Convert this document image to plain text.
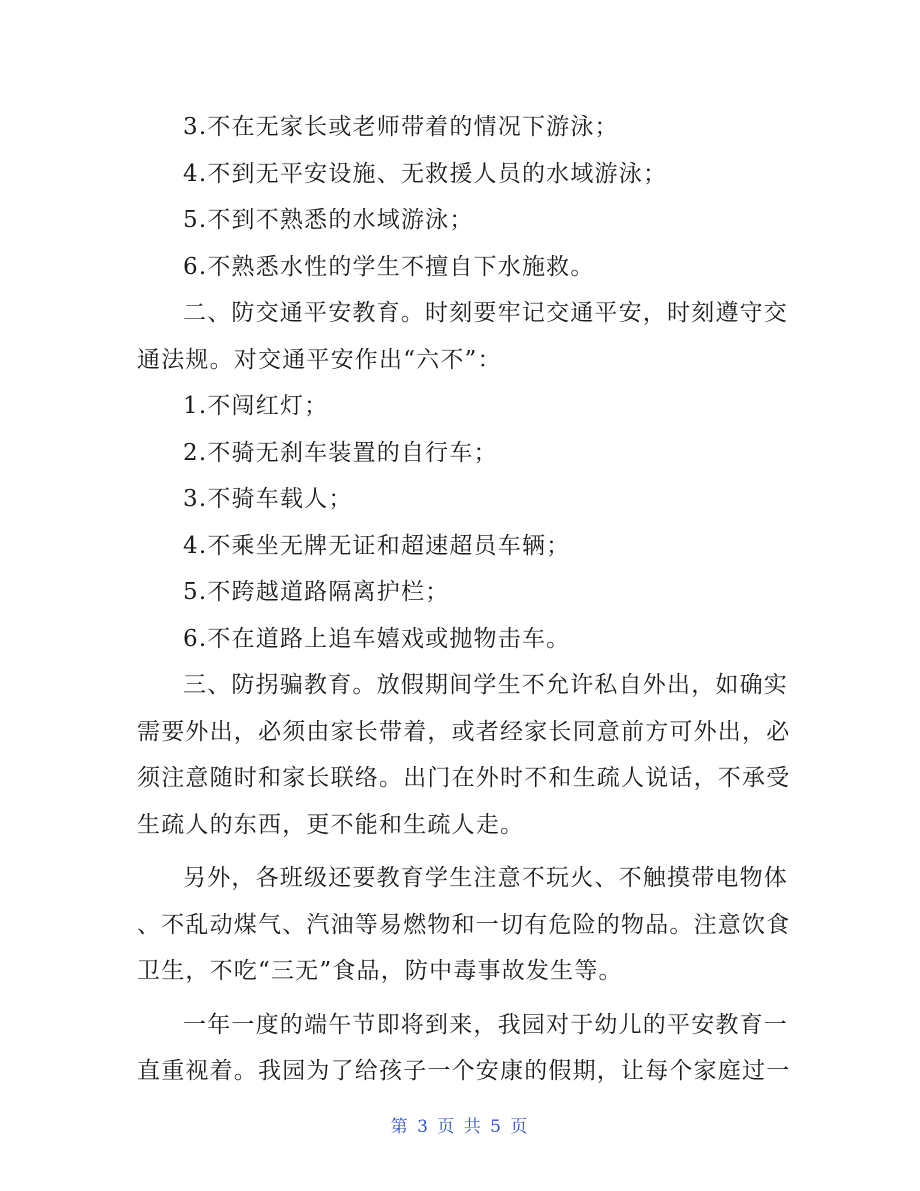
3.不在无家长或老师带着的情况下游泳；
4.不到无平安设施、无救援人员的水域游泳；
5.不到不熟悉的水域游泳；
6.不熟悉水性的学生不擅自下水施救。
二、防交通平安教育。时刻要牢记交通平安，时刻遵守交
通法规。对交通平安作出“六不”：
1.不闯红灯；
2.不骑无刹车装置的自行车；
3.不骑车载人；
4.不乘坐无牌无证和超速超员车辆；
5.不跨越道路隔离护栏；
6.不在道路上追车嬉戏或抛物击车。
三、防拐骗教育。放假期间学生不允许私自外出，如确实
需要外出，必须由家长带着，或者经家长同意前方可外出，必
须注意随时和家长联络。出门在外时不和生疏人说话，不承受
生疏人的东西，更不能和生疏人走。
另外，各班级还要教育学生注意不玩火、不触摸带电物体
、不乱动煤气、汽油等易燃物和一切有危险的物品。注意饮食
卫生，不吃“三无”食品，防中毒事故发生等。
一年一度的端午节即将到来，我园对于幼儿的平安教育一
直重视着。我园为了给孩子一个安康的假期，让每个家庭过一
第 3 页 共 5 页
